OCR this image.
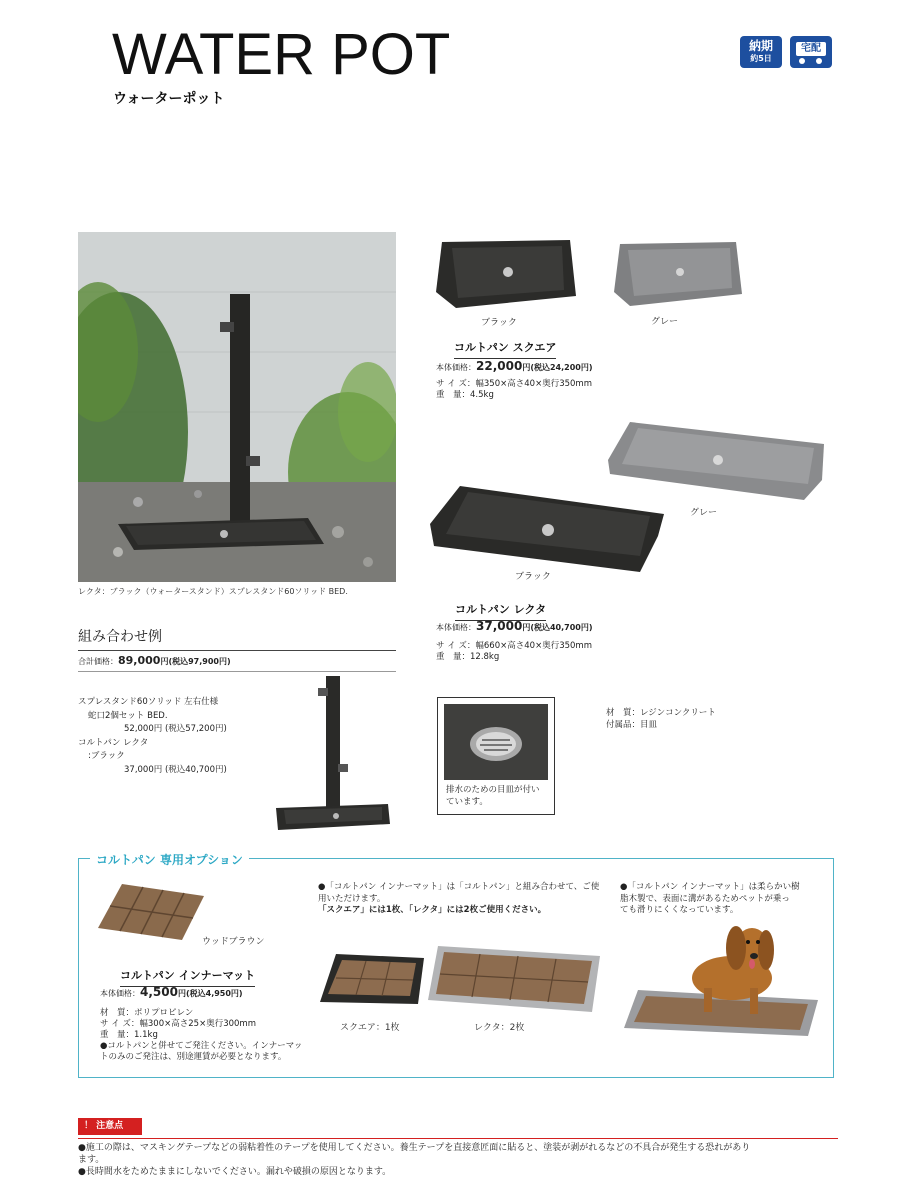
WATER POT
ウォーターポット
納期
約5日
宅配
レクタ：ブラック（ウォータースタンド）スプレスタンド60ソリッド BED.
ブラック	グレー
コルトパン スクエア
本体価格：22,000円(税込24,200円)
サ イ ズ：幅350×高さ40×奥行350mm
重　量：4.5kg
グレー
ブラック
コルトパン レクタ
本体価格：37,000円(税込40,700円)
サ イ ズ：幅660×高さ40×奥行350mm
重　量：12.8kg
組み合わせ例
合計価格：89,000円(税込97,900円)
スプレスタンド60ソリッド 左右仕様
蛇口2個セット BED.
52,000円 (税込57,200円)
コルトパン レクタ
:ブラック
37,000円 (税込40,700円)
排水のための目皿が付い
ています。
材　質：レジンコンクリート
付属品：目皿
コルトパン 専用オプション
ウッドブラウン
コルトパン インナーマット
本体価格：4,500円(税込4,950円)
材　質：ポリプロピレン
サ イ ズ：幅300×高さ25×奥行300mm
重　量：1.1kg
●コルトパンと併せてご発注ください。インナーマッ
トのみのご発注は、別途運賃が必要となります。
●「コルトパン インナーマット」は「コルトパン」と組み合わせて、ご使
用いただけます。
「スクエア」には1枚、「レクタ」には2枚ご使用ください。
スクエア：1枚	レクタ：2枚
●「コルトパン インナーマット」は柔らかい樹
脂木製で、表面に溝があるためペットが乗っ
ても滑りにくくなっています。
！ 注意点
●施工の際は、マスキングテープなどの弱粘着性のテープを使用してください。養生テープを直接意匠面に貼ると、塗装が剥がれるなどの不具合が発生する恐れがあり
ます。
●長時間水をためたままにしないでください。漏れや破損の原因となります。
